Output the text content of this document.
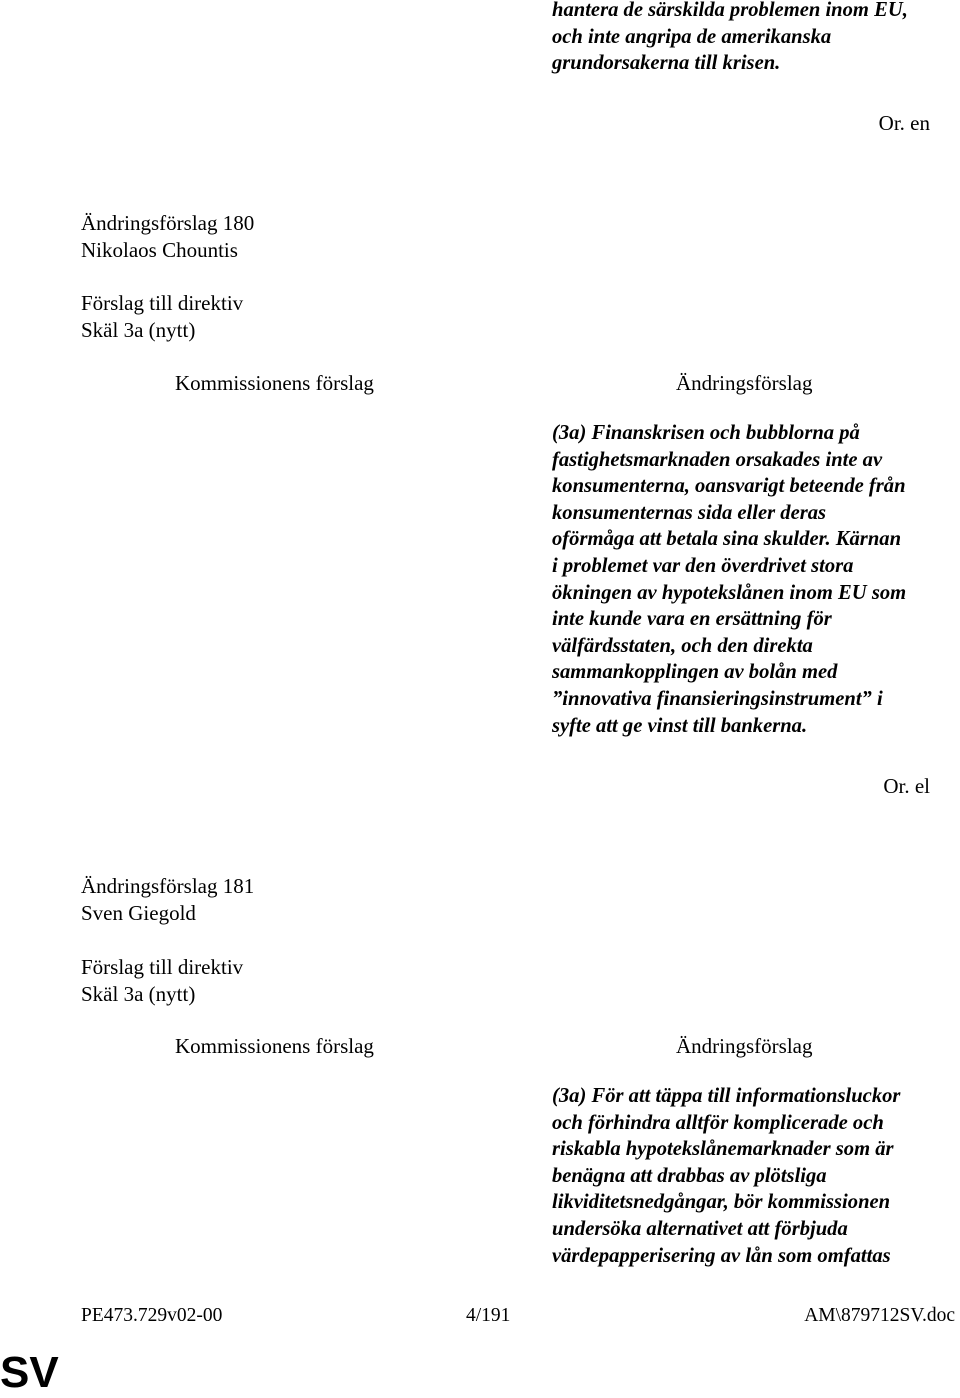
hantera de särskilda problemen inom EU,
och inte angripa de amerikanska
grundorsakerna till krisen.
Or. en
Ändringsförslag 180
Nikolaos Chountis
Förslag till direktiv
Skäl 3a (nytt)
Kommissionens förslag	Ändringsförslag
(3a) Finanskrisen och bubblorna på
fastighetsmarknaden orsakades inte av
konsumenterna, oansvarigt beteende från
konsumenternas sida eller deras
oförmåga att betala sina skulder. Kärnan
i problemet var den överdrivet stora
ökningen av hypotekslånen inom EU som
inte kunde vara en ersättning för
välfärdsstaten, och den direkta
sammankopplingen av bolån med
”innovativa finansieringsinstrument” i
syfte att ge vinst till bankerna.
Or. el
Ändringsförslag 181
Sven Giegold
Förslag till direktiv
Skäl 3a (nytt)
Kommissionens förslag	Ändringsförslag
(3a) För att täppa till informationsluckor
och förhindra alltför komplicerade och
riskabla hypotekslånemarknader som är
benägna att drabbas av plötsliga
likviditetsnedgångar, bör kommissionen
undersöka alternativet att förbjuda
värdepapperisering av lån som omfattas
PE473.729v02-00	4/191	AM\879712SV.doc
SV
